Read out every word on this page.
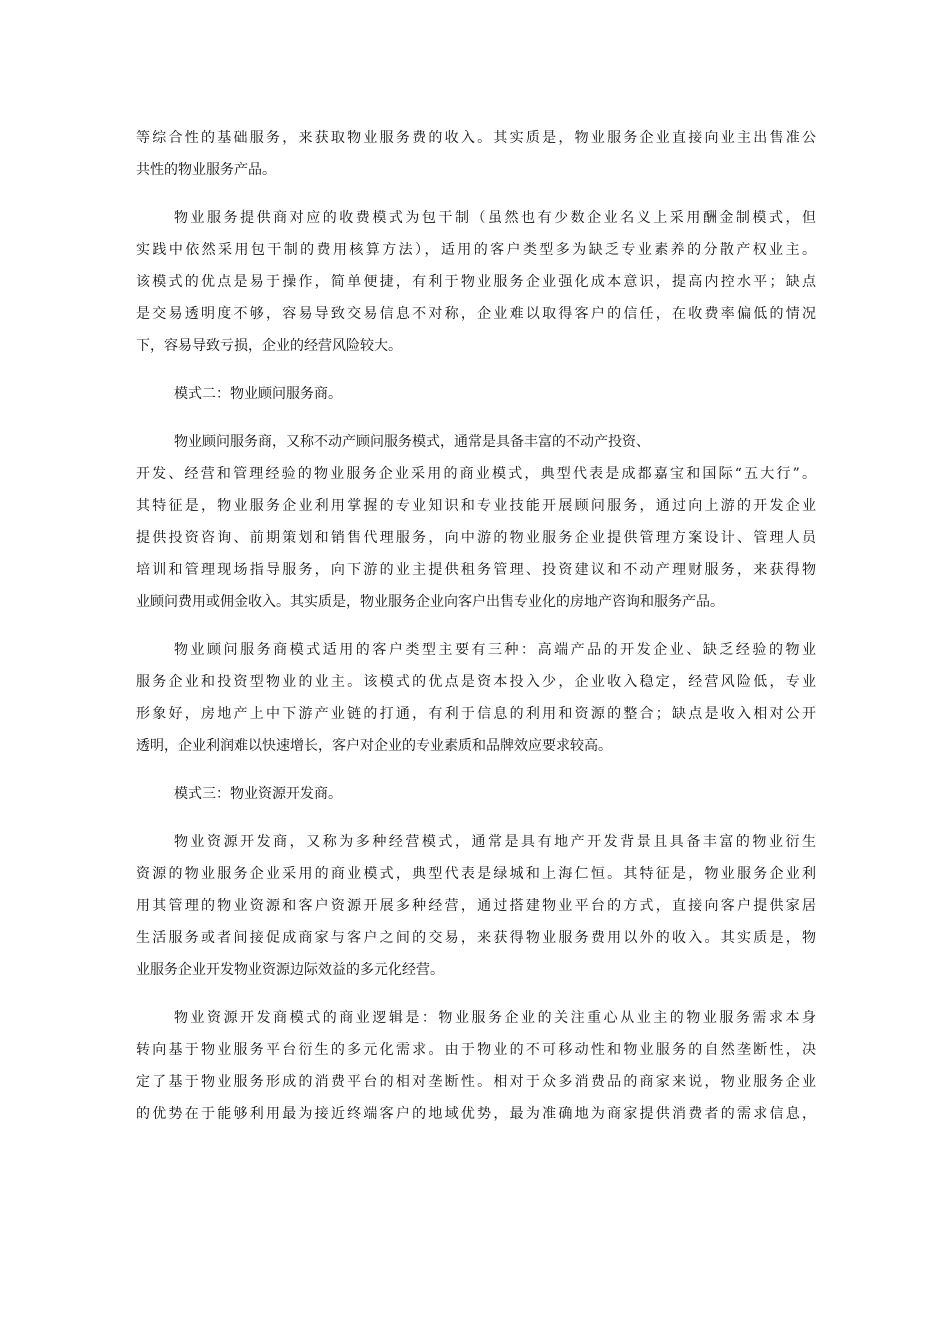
等综合性的基础服务，来获取物业服务费的收入。其实质是，物业服务企业直接向业主出售准公
共性的物业服务产品。

物业服务提供商对应的收费模式为包干制（虽然也有少数企业名义上采用酬金制模式，但
实践中依然采用包干制的费用核算方法），适用的客户类型多为缺乏专业素养的分散产权业主。
该模式的优点是易于操作，简单便捷，有利于物业服务企业强化成本意识，提高内控水平；缺点
是交易透明度不够，容易导致交易信息不对称，企业难以取得客户的信任，在收费率偏低的情况
下，容易导致亏损，企业的经营风险较大。

模式二：物业顾问服务商。

物业顾问服务商，又称不动产顾问服务模式，通常是具备丰富的不动产投资、
开发、经营和管理经验的物业服务企业采用的商业模式，典型代表是成都嘉宝和国际“五大行”。
其特征是，物业服务企业利用掌握的专业知识和专业技能开展顾问服务，通过向上游的开发企业
提供投资咨询、前期策划和销售代理服务，向中游的物业服务企业提供管理方案设计、管理人员
培训和管理现场指导服务，向下游的业主提供租务管理、投资建议和不动产理财服务，来获得物
业顾问费用或佣金收入。其实质是，物业服务企业向客户出售专业化的房地产咨询和服务产品。

物业顾问服务商模式适用的客户类型主要有三种：高端产品的开发企业、缺乏经验的物业
服务企业和投资型物业的业主。该模式的优点是资本投入少，企业收入稳定，经营风险低，专业
形象好，房地产上中下游产业链的打通，有利于信息的利用和资源的整合；缺点是收入相对公开
透明，企业利润难以快速增长，客户对企业的专业素质和品牌效应要求较高。

模式三：物业资源开发商。

物业资源开发商，又称为多种经营模式，通常是具有地产开发背景且具备丰富的物业衍生
资源的物业服务企业采用的商业模式，典型代表是绿城和上海仁恒。其特征是，物业服务企业利
用其管理的物业资源和客户资源开展多种经营，通过搭建物业平台的方式，直接向客户提供家居
生活服务或者间接促成商家与客户之间的交易，来获得物业服务费用以外的收入。其实质是，物
业服务企业开发物业资源边际效益的多元化经营。

物业资源开发商模式的商业逻辑是：物业服务企业的关注重心从业主的物业服务需求本身
转向基于物业服务平台衍生的多元化需求。由于物业的不可移动性和物业服务的自然垄断性，决
定了基于物业服务形成的消费平台的相对垄断性。相对于众多消费品的商家来说，物业服务企业
的优势在于能够利用最为接近终端客户的地域优势，最为准确地为商家提供消费者的需求信息，
